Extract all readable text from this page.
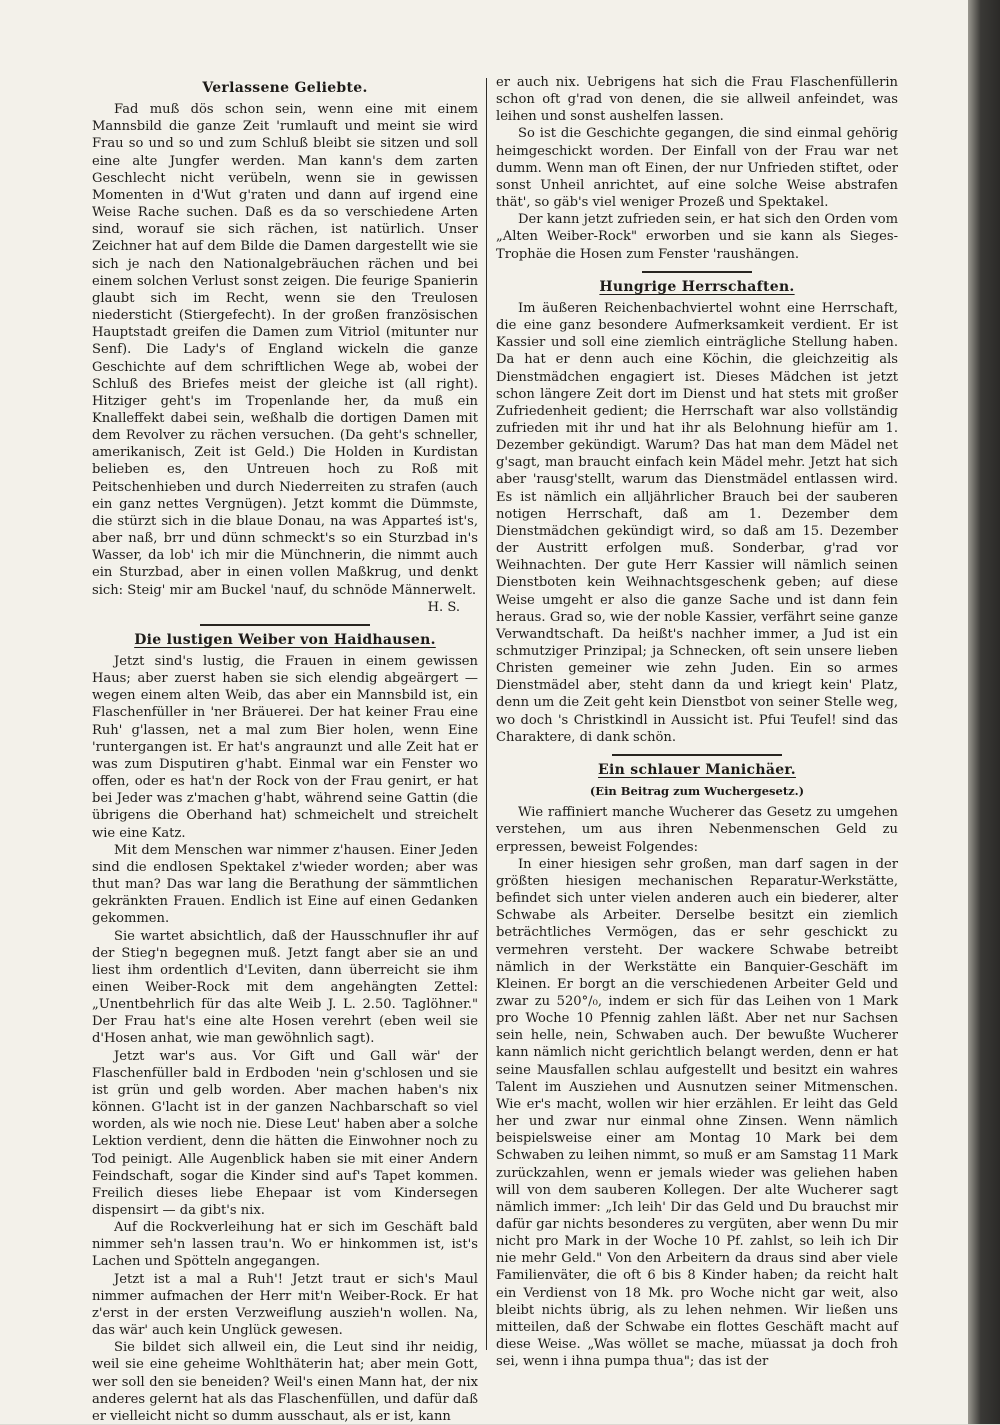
Verlassene Geliebte.

Fad muß dös schon sein, wenn eine mit einem Mannsbild die ganze Zeit 'rumlauft und meint sie wird Frau so und so und zum Schluß bleibt sie sitzen und soll eine alte Jungfer werden. Man kann's dem zarten Geschlecht nicht verübeln, wenn sie in gewissen Momenten in d'Wut g'raten und dann auf irgend eine Weise Rache suchen. Daß es da so verschiedene Arten sind, worauf sie sich rächen, ist natürlich. Unser Zeichner hat auf dem Bilde die Damen dargestellt wie sie sich je nach den Nationalgebräuchen rächen und bei einem solchen Verlust sonst zeigen. Die feurige Spanierin glaubt sich im Recht, wenn sie den Treulosen niedersticht (Stiergefecht). In der großen französischen Hauptstadt greifen die Damen zum Vitriol (mitunter nur Senf). Die Lady's of England wickeln die ganze Geschichte auf dem schriftlichen Wege ab, wobei der Schluß des Briefes meist der gleiche ist (all right). Hitziger geht's im Tropenlande her, da muß ein Knalleffekt dabei sein, weßhalb die dortigen Damen mit dem Revolver zu rächen versuchen. (Da geht's schneller, amerikanisch, Zeit ist Geld.) Die Holden in Kurdistan belieben es, den Untreuen hoch zu Roß mit Peitschenhieben und durch Niederreiten zu strafen (auch ein ganz nettes Vergnügen). Jetzt kommt die Dümmste, die stürzt sich in die blaue Donau, na was Apparteś ist's, aber naß, brr und dünn schmeckt's so ein Sturzbad in's Wasser, da lob' ich mir die Münchnerin, die nimmt auch ein Sturzbad, aber in einen vollen Maßkrug, und denkt sich: Steig' mir am Buckel 'nauf, du schnöde Männerwelt.

H. S.
Die lustigen Weiber von Haidhausen.

Jetzt sind's lustig, die Frauen in einem gewissen Haus; aber zuerst haben sie sich elendig abgeärgert — wegen einem alten Weib, das aber ein Mannsbild ist, ein Flaschenfüller in 'ner Bräuerei. Der hat keiner Frau eine Ruh' g'lassen, net a mal zum Bier holen, wenn Eine 'runtergangen ist. Er hat's angraunzt und alle Zeit hat er was zum Disputiren g'habt. Einmal war ein Fenster wo offen, oder es hat'n der Rock von der Frau genirt, er hat bei Jeder was z'machen g'habt, während seine Gattin (die übrigens die Oberhand hat) schmeichelt und streichelt wie eine Katz.

Mit dem Menschen war nimmer z'hausen. Einer Jeden sind die endlosen Spektakel z'wieder worden; aber was thut man? Das war lang die Berathung der sämmtlichen gekränkten Frauen. Endlich ist Eine auf einen Gedanken gekommen.

Sie wartet absichtlich, daß der Hausschnufler ihr auf der Stieg'n begegnen muß. Jetzt fangt aber sie an und liest ihm ordentlich d'Leviten, dann überreicht sie ihm einen Weiber-Rock mit dem angehängten Zettel: „Unentbehrlich für das alte Weib J. L. 2.50. Taglöhner." Der Frau hat's eine alte Hosen verehrt (eben weil sie d'Hosen anhat, wie man gewöhnlich sagt).

Jetzt war's aus. Vor Gift und Gall wär' der Flaschenfüller bald in Erdboden 'nein g'schlosen und sie ist grün und gelb worden. Aber machen haben's nix können. G'lacht ist in der ganzen Nachbarschaft so viel worden, als wie noch nie. Diese Leut' haben aber a solche Lektion verdient, denn die hätten die Einwohner noch zu Tod peinigt. Alle Augenblick haben sie mit einer Andern Feindschaft, sogar die Kinder sind auf's Tapet kommen. Freilich dieses liebe Ehepaar ist vom Kindersegen dispensirt — da gibt's nix.

Auf die Rockverleihung hat er sich im Geschäft bald nimmer seh'n lassen trau'n. Wo er hinkommen ist, ist's Lachen und Spötteln angegangen.

Jetzt ist a mal a Ruh'! Jetzt traut er sich's Maul nimmer aufmachen der Herr mit'n Weiber-Rock. Er hat z'erst in der ersten Verzweiflung auszieh'n wollen. Na, das wär' auch kein Unglück gewesen.

Sie bildet sich allweil ein, die Leut sind ihr neidig, weil sie eine geheime Wohlthäterin hat; aber mein Gott, wer soll den sie beneiden? Weil's einen Mann hat, der nix anderes gelernt hat als das Flaschenfüllen, und dafür daß er vielleicht nicht so dumm ausschaut, als er ist, kann

er auch nix. Uebrigens hat sich die Frau Flaschenfüllerin schon oft g'rad von denen, die sie allweil anfeindet, was leihen und sonst aushelfen lassen.

So ist die Geschichte gegangen, die sind einmal gehörig heimgeschickt worden. Der Einfall von der Frau war net dumm. Wenn man oft Einen, der nur Unfrieden stiftet, oder sonst Unheil anrichtet, auf eine solche Weise abstrafen thät', so gäb's viel weniger Prozeß und Spektakel.

Der kann jetzt zufrieden sein, er hat sich den Orden vom „Alten Weiber-Rock" erworben und sie kann als Sieges-Trophäe die Hosen zum Fenster 'raushängen.

Hungrige Herrschaften.

Im äußeren Reichenbachviertel wohnt eine Herrschaft, die eine ganz besondere Aufmerksamkeit verdient. Er ist Kassier und soll eine ziemlich einträgliche Stellung haben. Da hat er denn auch eine Köchin, die gleichzeitig als Dienstmädchen engagiert ist. Dieses Mädchen ist jetzt schon längere Zeit dort im Dienst und hat stets mit großer Zufriedenheit gedient; die Herrschaft war also vollständig zufrieden mit ihr und hat ihr als Belohnung hiefür am 1. Dezember gekündigt. Warum? Das hat man dem Mädel net g'sagt, man braucht einfach kein Mädel mehr. Jetzt hat sich aber 'rausg'stellt, warum das Dienstmädel entlassen wird. Es ist nämlich ein alljährlicher Brauch bei der sauberen notigen Herrschaft, daß am 1. Dezember dem Dienstmädchen gekündigt wird, so daß am 15. Dezember der Austritt erfolgen muß. Sonderbar, g'rad vor Weihnachten. Der gute Herr Kassier will nämlich seinen Dienstboten kein Weihnachtsgeschenk geben; auf diese Weise umgeht er also die ganze Sache und ist dann fein heraus. Grad so, wie der noble Kassier, verfährt seine ganze Verwandtschaft. Da heißt's nachher immer, a Jud ist ein schmutziger Prinzipal; ja Schnecken, oft sein unsere lieben Christen gemeiner wie zehn Juden. Ein so armes Dienstmädel aber, steht dann da und kriegt kein' Platz, denn um die Zeit geht kein Dienstbot von seiner Stelle weg, wo doch 's Christkindl in Aussicht ist. Pfui Teufel! sind das Charaktere, di dank schön.

Ein schlauer Manichäer.
(Ein Beitrag zum Wuchergesetz.)

Wie raffiniert manche Wucherer das Gesetz zu umgehen verstehen, um aus ihren Nebenmenschen Geld zu erpressen, beweist Folgendes:

In einer hiesigen sehr großen, man darf sagen in der größten hiesigen mechanischen Reparatur-Werkstätte, befindet sich unter vielen anderen auch ein biederer, alter Schwabe als Arbeiter. Derselbe besitzt ein ziemlich beträchtliches Vermögen, das er sehr geschickt zu vermehren versteht. Der wackere Schwabe betreibt nämlich in der Werkstätte ein Banquier-Geschäft im Kleinen. Er borgt an die verschiedenen Arbeiter Geld und zwar zu 520°/₀, indem er sich für das Leihen von 1 Mark pro Woche 10 Pfennig zahlen läßt. Aber net nur Sachsen sein helle, nein, Schwaben auch. Der bewußte Wucherer kann nämlich nicht gerichtlich belangt werden, denn er hat seine Mausfallen schlau aufgestellt und besitzt ein wahres Talent im Ausziehen und Ausnutzen seiner Mitmenschen. Wie er's macht, wollen wir hier erzählen. Er leiht das Geld her und zwar nur einmal ohne Zinsen. Wenn nämlich beispielsweise einer am Montag 10 Mark bei dem Schwaben zu leihen nimmt, so muß er am Samstag 11 Mark zurückzahlen, wenn er jemals wieder was geliehen haben will von dem sauberen Kollegen. Der alte Wucherer sagt nämlich immer: „Ich leih' Dir das Geld und Du brauchst mir dafür gar nichts besonderes zu vergüten, aber wenn Du mir nicht pro Mark in der Woche 10 Pf. zahlst, so leih ich Dir nie mehr Geld." Von den Arbeitern da draus sind aber viele Familienväter, die oft 6 bis 8 Kinder haben; da reicht halt ein Verdienst von 18 Mk. pro Woche nicht gar weit, also bleibt nichts übrig, als zu lehen nehmen. Wir ließen uns mitteilen, daß der Schwabe ein flottes Geschäft macht auf diese Weise. „Was wöllet se mache, müassat ja doch froh sei, wenn i ihna pumpa thua"; das ist der
